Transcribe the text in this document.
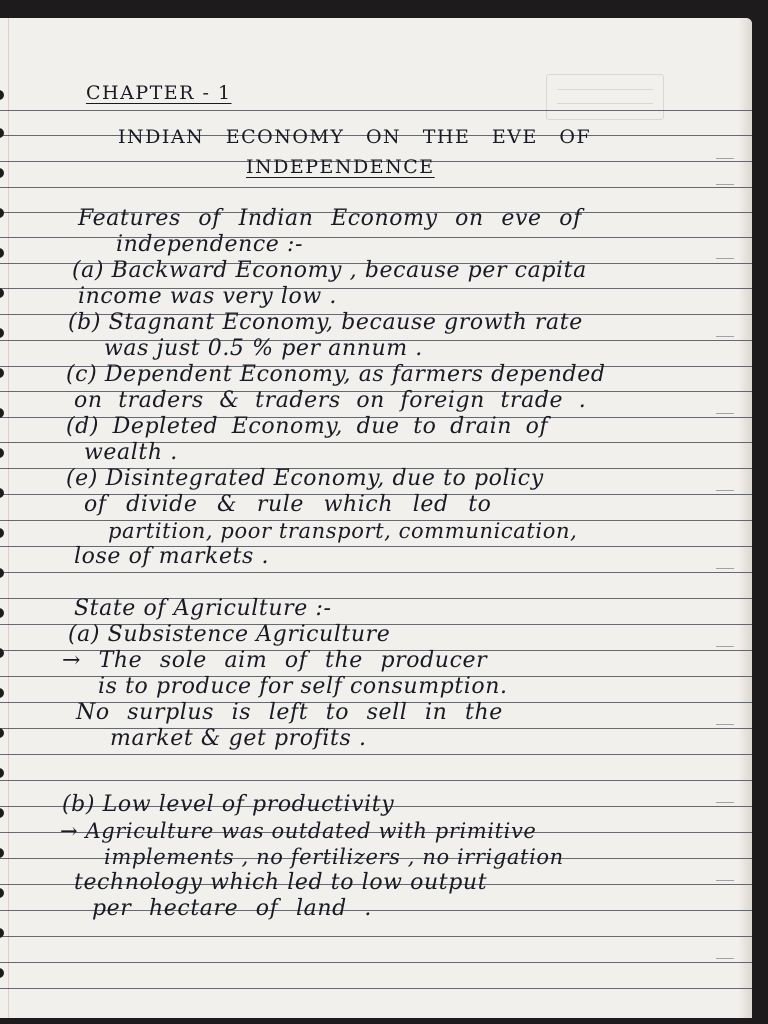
CHAPTER - 1
INDIAN ECONOMY ON THE EVE OF
INDEPENDENCE
Features of Indian Economy on eve of
independence :-
(a) Backward Economy , because per capita
income was very low .
(b) Stagnant Economy, because growth rate
was just 0.5 % per annum .
(c) Dependent Economy, as farmers depended
on traders & traders on foreign trade .
(d) Depleted Economy, due to drain of
wealth .
(e) Disintegrated Economy, due to policy
of divide & rule which led to
partition, poor transport, communication,
lose of markets .
State of Agriculture :-
(a) Subsistence Agriculture
→ The sole aim of the producer
is to produce for self consumption.
No surplus is left to sell in the
market & get profits .
(b) Low level of productivity
→ Agriculture was outdated with primitive
implements , no fertilizers , no irrigation
technology which led to low output
per hectare of land .
